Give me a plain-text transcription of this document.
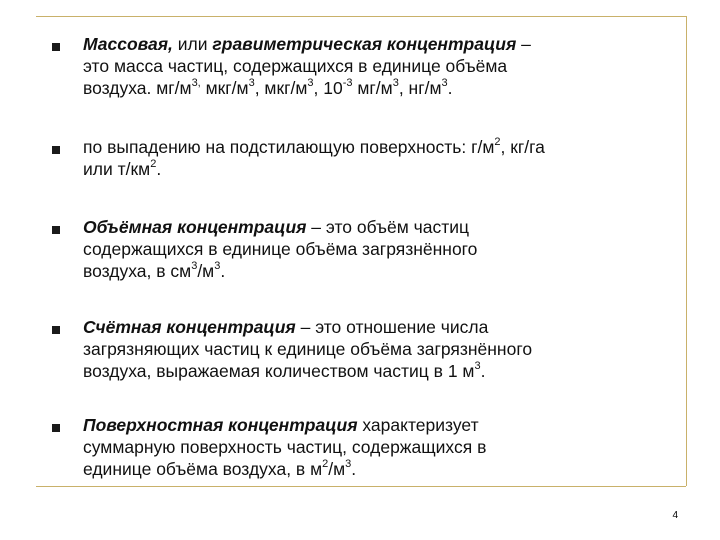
Массовая, или гравиметрическая концентрация –
это масса частиц, содержащихся в единице объёма
воздуха. $мг/м^{3,}$ мкг/$м^3$, мкг/$м^3$, $10^{-3}$ $мг/м^3$, $нг/м^3$.
по выпадению на подстилающую поверхность: $г/м^2$, кг/га
или $т/км^2$.
Объёмная концентрация – это объём частиц
содержащихся в единице объёма загрязнённого
воздуха, в $см^3/м^3$.
Счётная концентрация – это отношение числа
загрязняющих частиц к единице объёма загрязнённого
воздуха, выражаемая количеством частиц в 1 $м^3$.
Поверхностная концентрация характеризует
суммарную поверхность частиц, содержащихся в
единице объёма воздуха, в $м^2/м^3$.
4
